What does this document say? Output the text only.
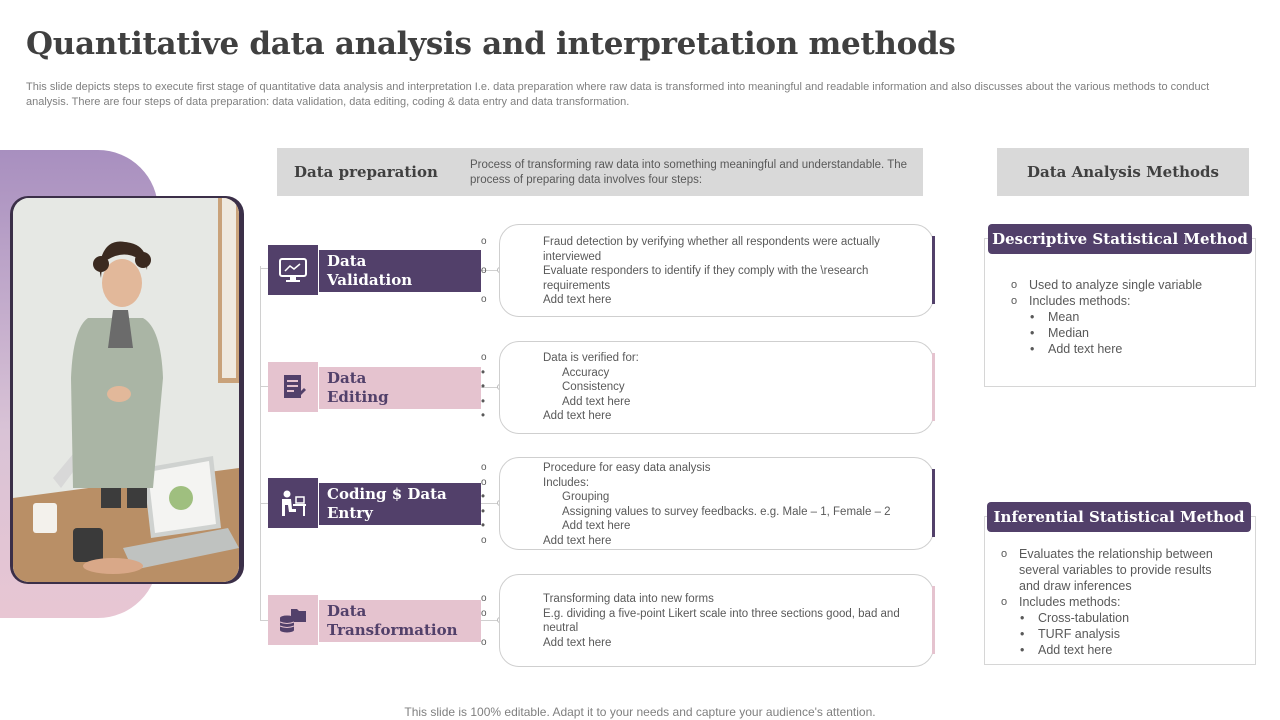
Quantitative data analysis and interpretation methods
This slide depicts steps to execute first stage of quantitative data analysis and interpretation I.e. data preparation where raw data is transformed into meaningful and readable information and also discusses about the various methods to conduct analysis. There are four steps of data preparation: data validation, data editing, coding & data entry and data transformation.
Data preparation	Process of transforming raw data into something meaningful and understandable. The process of preparing data involves four steps:	Data Analysis Methods
Data
Validation
o Fraud detection by verifying whether all respondents were actually interviewed
o Evaluate responders to identify if they comply with the \research requirements
o Add text here
Data
Editing
o Data is verified for:
• Accuracy
• Consistency
• Add text here
• Add text here
Coding $ Data
Entry
o Procedure for easy data analysis
o Includes:
• Grouping
• Assigning values to survey feedbacks. e.g. Male – 1, Female – 2
• Add text here
o Add text here
Data
Transformation
o Transforming data into new forms
o E.g. dividing a five-point Likert scale into three sections good, bad and neutral
o Add text here
o Used to analyze single variable
o Includes methods:
• Mean
• Median
• Add text here
Descriptive Statistical Method
o Evaluates the relationship between several variables to provide results and draw inferences
o Includes methods:
• Cross-tabulation
• TURF analysis
• Add text here
Inferential Statistical Method
This slide is 100% editable. Adapt it to your needs and capture your audience's attention.
